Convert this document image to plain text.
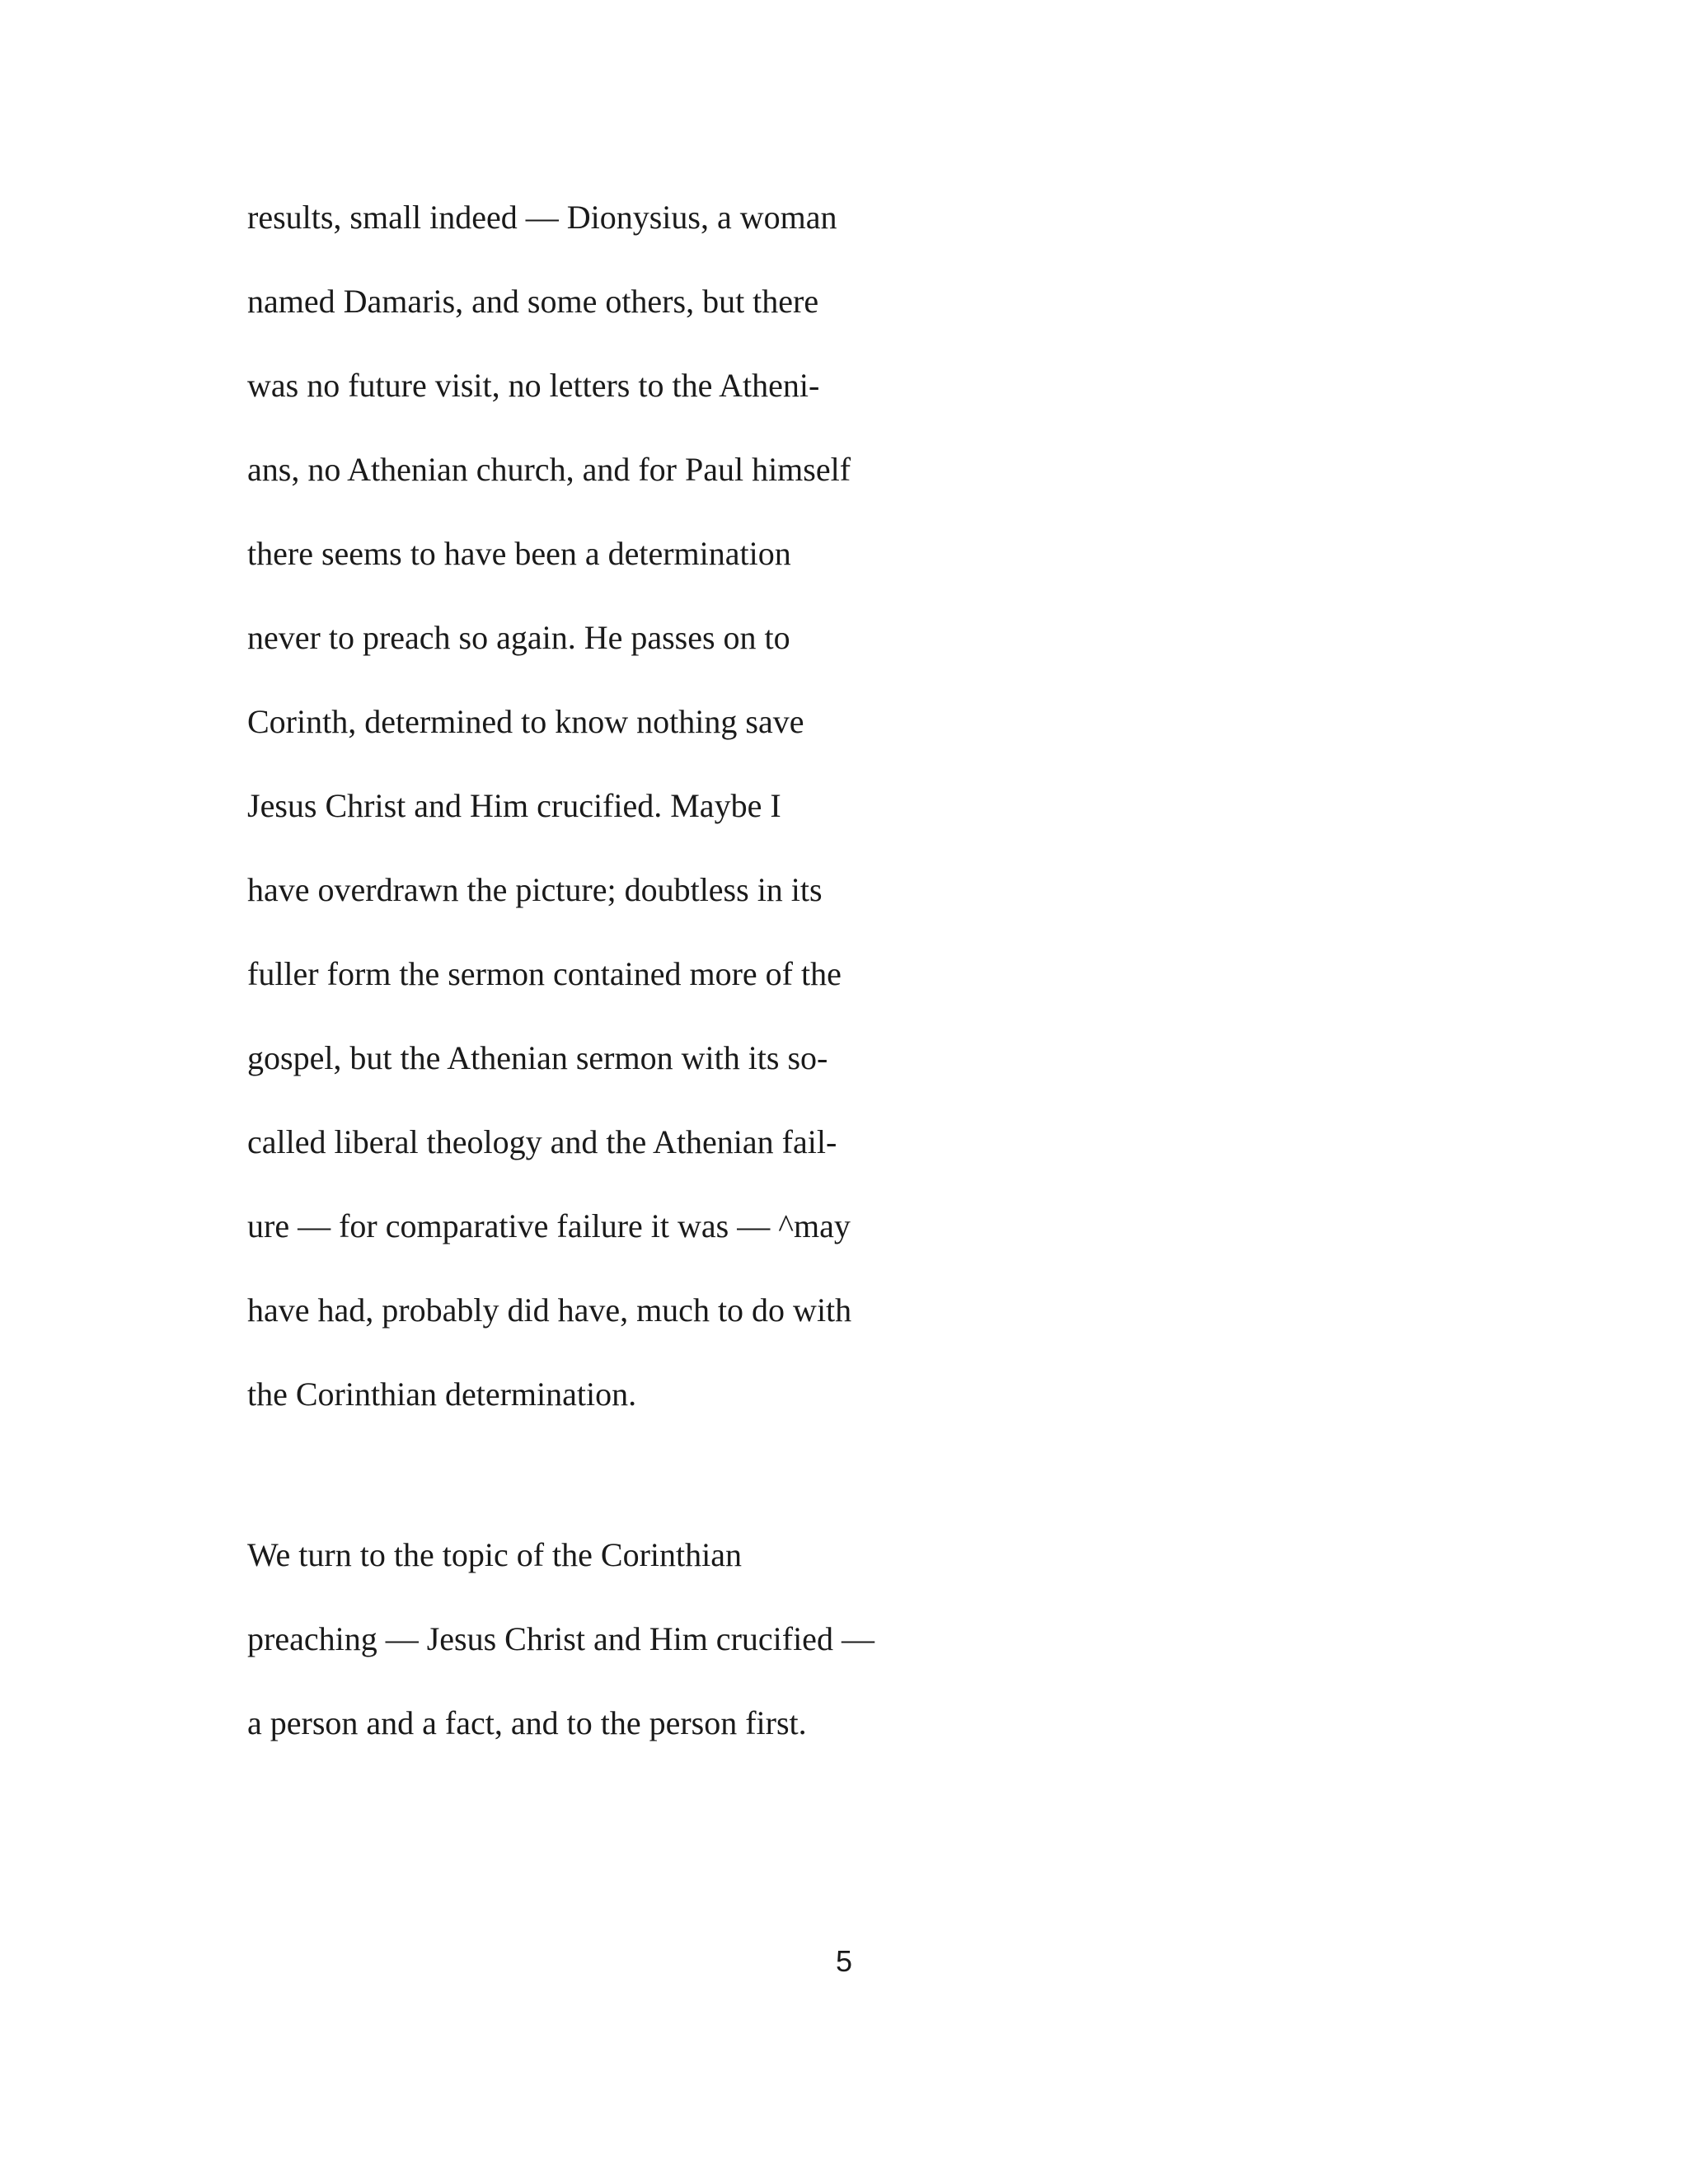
results, small indeed — Dionysius, a woman
named Damaris, and some others, but there
was no future visit, no letters to the Atheni-
ans, no Athenian church, and for Paul himself
there seems to have been a determination
never to preach so again. He passes on to
Corinth, determined to know nothing save
Jesus Christ and Him crucified. Maybe I
have overdrawn the picture; doubtless in its
fuller form the sermon contained more of the
gospel, but the Athenian sermon with its so-
called liberal theology and the Athenian fail-
ure — for comparative failure it was — ^may
have had, probably did have, much to do with
the Corinthian determination.
We turn to the topic of the Corinthian
preaching — Jesus Christ and Him crucified —
a person and a fact, and to the person first.
5
